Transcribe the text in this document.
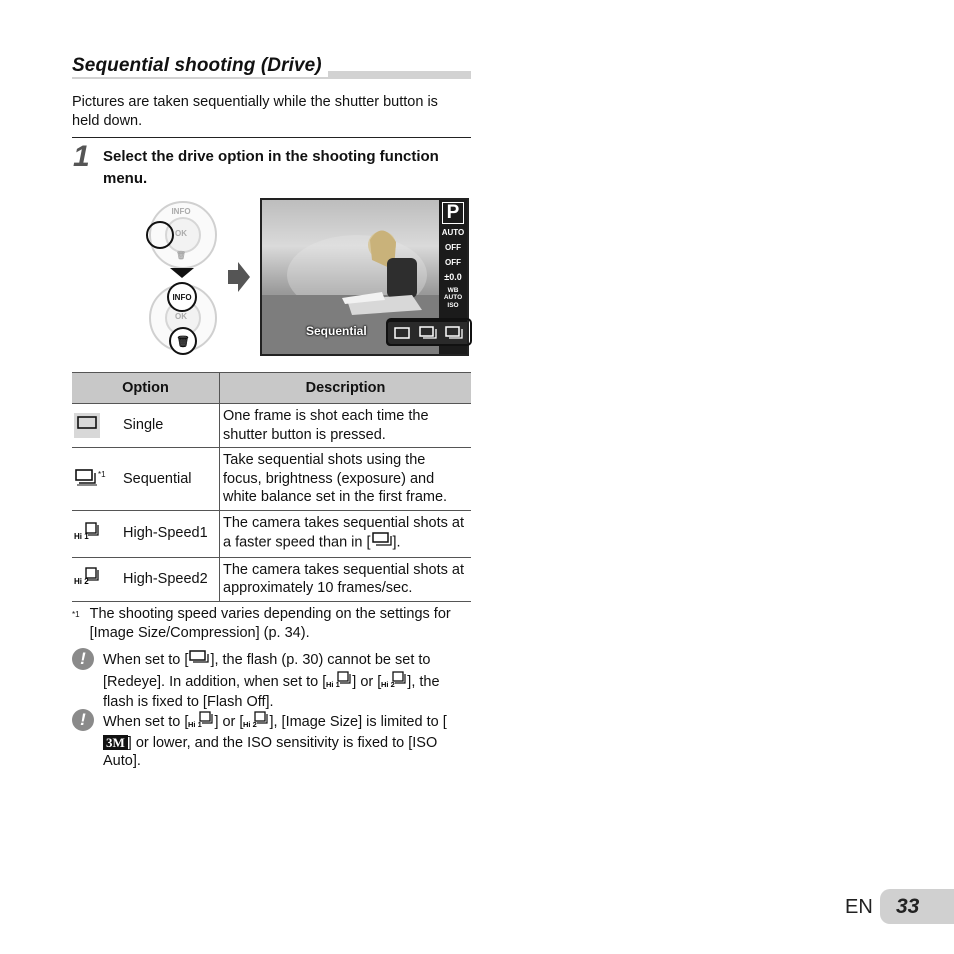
Sequential shooting (Drive)
Pictures are taken sequentially while the shutter button is held down.
1 Select the drive option in the shooting function menu.
INFO
OK
🗑
OK
INFO
🗑
P
AUTO
OFF
OFF
±0.0
WB AUTO
ISO
Sequential
Option		Description
	Single	One frame is shot each time the shutter button is pressed.
$^{*1}$	Sequential	Take sequential shots using the focus, brightness (exposure) and white balance set in the first frame.

Hi 1	High-Speed1	The camera takes sequential shots at a faster speed than in [ ].

Hi 2	High-Speed2	The camera takes sequential shots at approximately 10 frames/sec.
$^{*1}$ The shooting speed varies depending on the settings for [Image Size/Compression] (p. 34).
!	When set to [ ], the flash (p. 30) cannot be set to [Redeye]. In addition, when set to [ Hi 1 ] or [ Hi 2 ], the flash is fixed to [Flash Off].
!	When set to [ Hi 1 ] or [ Hi 2 ], [Image Size] is limited to [3M ] or lower, and the ISO sensitivity is fixed to [ISO Auto].
EN 33
